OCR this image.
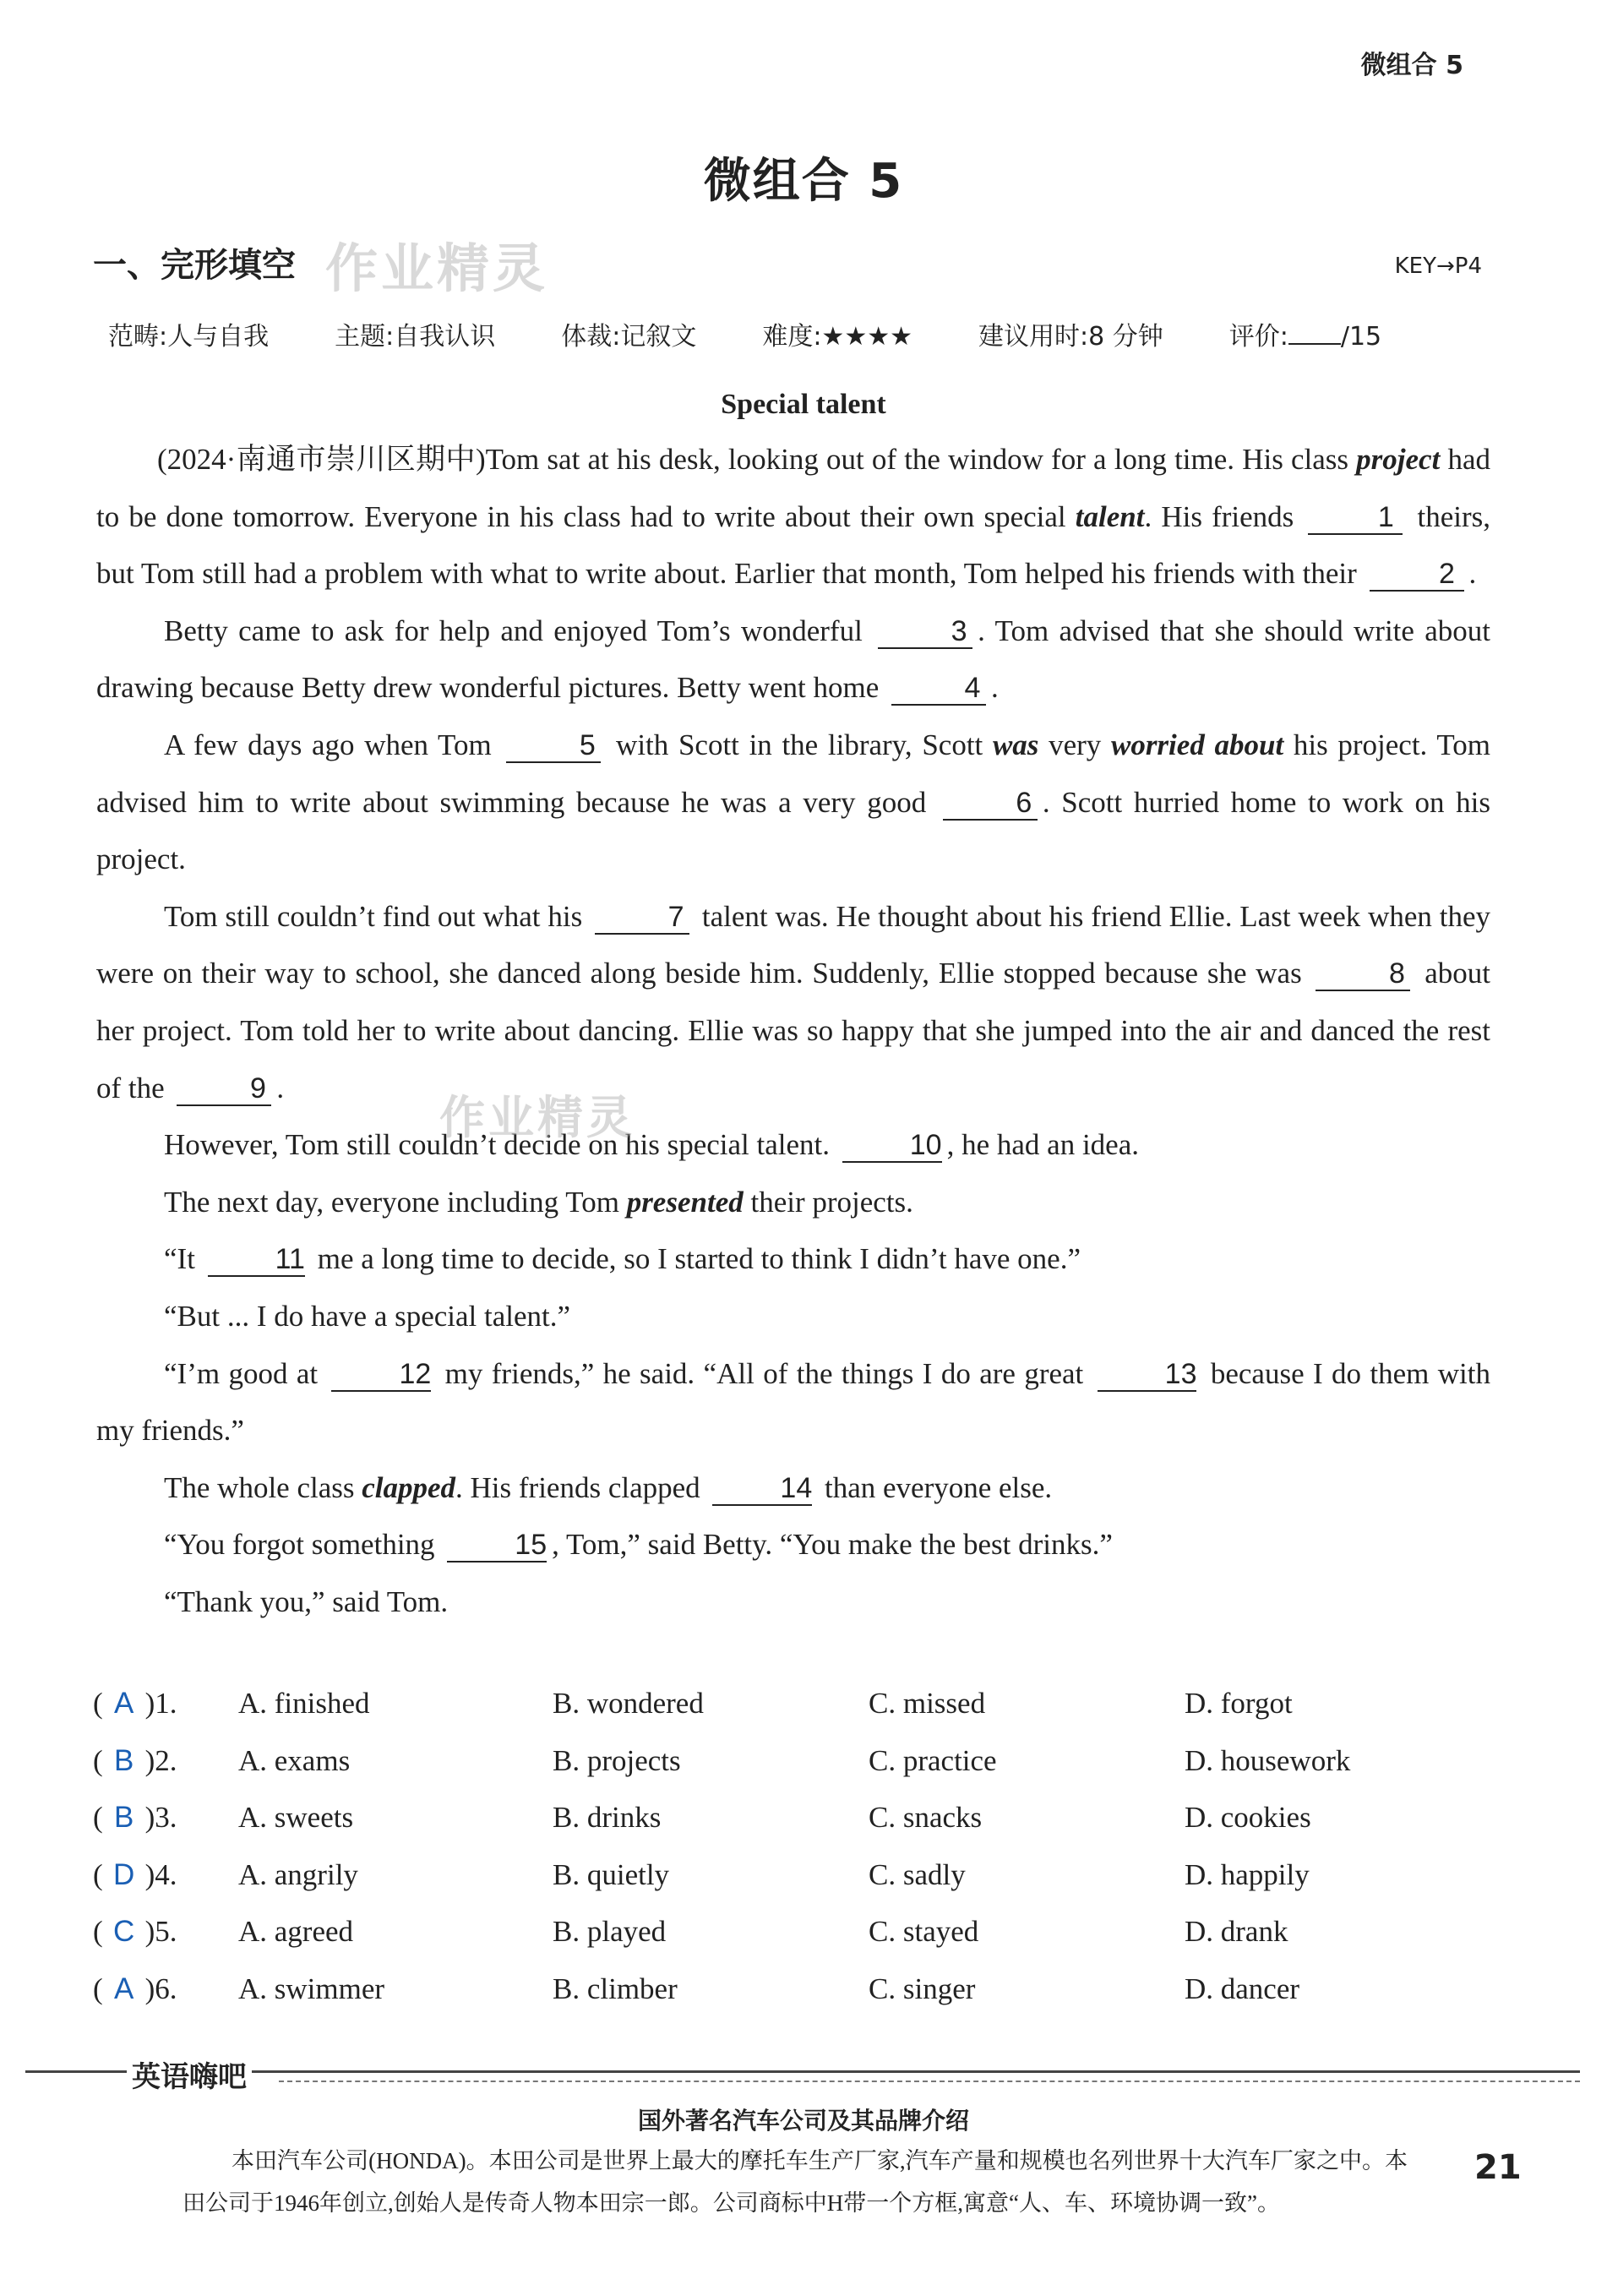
微组合 5
微组合 5
一、完形填空 作业精灵	KEY→P4
范畴:人与自我	主题:自我认识	体裁:记叙文	难度:★★★★	建议用时:8 分钟	评价: /15
Special talent

(2024·南通市崇川区期中)Tom sat at his desk, looking out of the window for a long time. His class project had to be done tomorrow. Everyone in his class had to write about their own special talent. His friends	1 theirs, but Tom still had a problem with what to write about. Earlier that month, Tom helped his friends with their	2 .

Betty came to ask for help and enjoyed Tom’s wonderful	3 . Tom advised that she should write about drawing because Betty drew wonderful pictures. Betty went home	4 .

A few days ago when Tom	5 with Scott in the library, Scott was very worried about his project. Tom advised him to write about swimming because he was a very good	6 . Scott hurried home to work on his project.

Tom still couldn’t find out what his	7 talent was. He thought about his friend Ellie. Last week when they were on their way to school, she danced along beside him. Suddenly, Ellie stopped because she was	8 about her project. Tom told her to write about dancing. Ellie was so happy that she jumped into the air and danced the rest of the	9 .

However, Tom still couldn’t decide on his special talent.	10 , he had an idea.

The next day, everyone including Tom presented their projects.

“It	11 me a long time to decide, so I started to think I didn’t have one.”

“But ... I do have a special talent.”

“I’m good at	12 my friends,” he said. “All of the things I do are great	13 because I do them with my friends.”

The whole class clapped. His friends clapped	14 than everyone else.

“You forgot something	15 , Tom,” said Betty. “You make the best drinks.”

“Thank you,” said Tom.

作业精灵
( A )1. A. finished	B. wondered	C. missed	D. forgot
( B )2. A. exams	B. projects	C. practice	D. housework
( B )3. A. sweets	B. drinks	C. snacks	D. cookies
( D )4. A. angrily	B. quietly	C. sadly	D. happily
( C )5. A. agreed	B. played	C. stayed	D. drank
( A )6. A. swimmer	B. climber	C. singer	D. dancer
英语嗨吧
国外著名汽车公司及其品牌介绍
本田汽车公司(HONDA)。本田公司是世界上最大的摩托车生产厂家,汽车产量和规模也名列世界十大汽车厂家之中。本田公司于1946年创立,创始人是传奇人物本田宗一郎。公司商标中H带一个方框,寓意“人、车、环境协调一致”。
21
